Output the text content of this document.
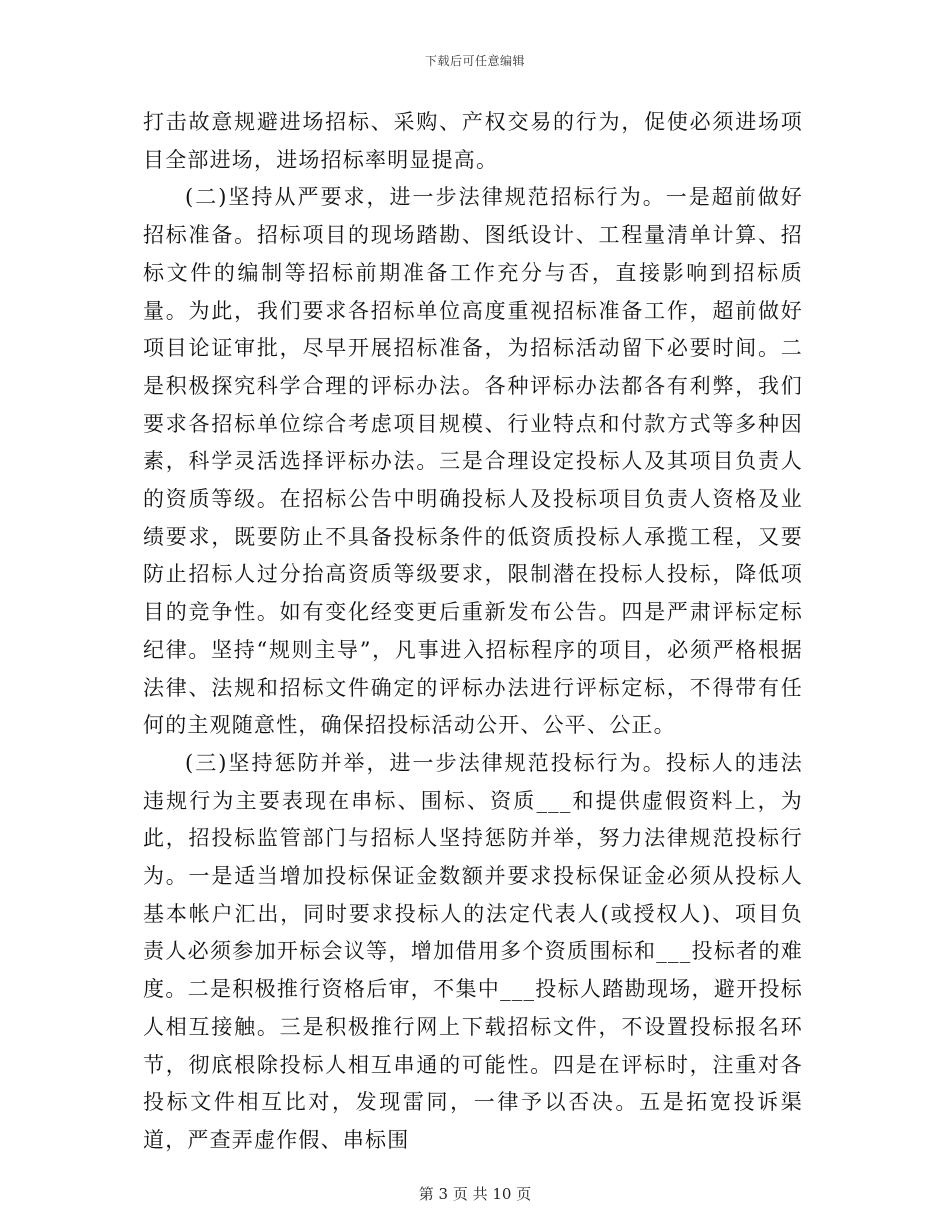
下载后可任意编辑

打击故意规避进场招标、采购、产权交易的行为，促使必须进场项目全部进场，进场招标率明显提高。

(二)坚持从严要求，进一步法律规范招标行为。一是超前做好招标准备。招标项目的现场踏勘、图纸设计、工程量清单计算、招标文件的编制等招标前期准备工作充分与否，直接影响到招标质量。为此，我们要求各招标单位高度重视招标准备工作，超前做好项目论证审批，尽早开展招标准备，为招标活动留下必要时间。二是积极探究科学合理的评标办法。各种评标办法都各有利弊，我们要求各招标单位综合考虑项目规模、行业特点和付款方式等多种因素，科学灵活选择评标办法。三是合理设定投标人及其项目负责人的资质等级。在招标公告中明确投标人及投标项目负责人资格及业绩要求，既要防止不具备投标条件的低资质投标人承揽工程，又要防止招标人过分抬高资质等级要求，限制潜在投标人投标，降低项目的竞争性。如有变化经变更后重新发布公告。四是严肃评标定标纪律。坚持“规则主导”，凡事进入招标程序的项目，必须严格根据法律、法规和招标文件确定的评标办法进行评标定标，不得带有任何的主观随意性，确保招投标活动公开、公平、公正。

(三)坚持惩防并举，进一步法律规范投标行为。投标人的违法违规行为主要表现在串标、围标、资质___和提供虚假资料上，为此，招投标监管部门与招标人坚持惩防并举，努力法律规范投标行为。一是适当增加投标保证金数额并要求投标保证金必须从投标人基本帐户汇出，同时要求投标人的法定代表人(或授权人)、项目负责人必须参加开标会议等，增加借用多个资质围标和___投标者的难度。二是积极推行资格后审，不集中___投标人踏勘现场，避开投标人相互接触。三是积极推行网上下载招标文件，不设置投标报名环节，彻底根除投标人相互串通的可能性。四是在评标时，注重对各投标文件相互比对，发现雷同，一律予以否决。五是拓宽投诉渠道，严查弄虚作假、串标围

第 3 页 共 10 页
